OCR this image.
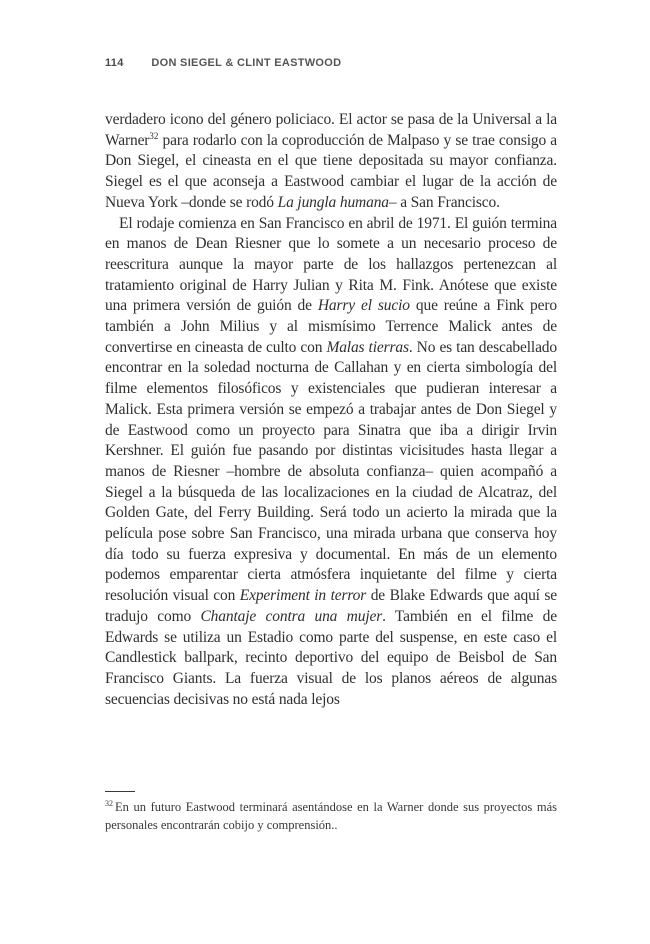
114	DON SIEGEL & CLINT EASTWOOD

verdadero icono del género policiaco. El actor se pasa de la Universal a la Warner$^{32}$ para rodarlo con la coproducción de Malpaso y se trae consigo a Don Siegel, el cineasta en el que tiene depositada su mayor confianza. Siegel es el que aconseja a Eastwood cambiar el lugar de la acción de Nueva York –donde se rodó La jungla humana– a San Francisco.

El rodaje comienza en San Francisco en abril de 1971. El guión termina en manos de Dean Riesner que lo somete a un necesario proceso de reescritura aunque la mayor parte de los hallazgos pertenezcan al tratamiento original de Harry Julian y Rita M. Fink. Anótese que existe una primera versión de guión de Harry el sucio que reúne a Fink pero también a John Milius y al mismísimo Terrence Malick antes de convertirse en cineasta de culto con Malas tierras. No es tan descabellado encontrar en la soledad nocturna de Callahan y en cierta simbología del filme elementos filosóficos y existenciales que pudieran interesar a Malick. Esta primera versión se empezó a trabajar antes de Don Siegel y de Eastwood como un proyecto para Sinatra que iba a dirigir Irvin Kershner. El guión fue pasando por distintas vicisitudes hasta llegar a manos de Riesner –hombre de absoluta confianza– quien acompañó a Siegel a la búsqueda de las localizaciones en la ciudad de Alcatraz, del Golden Gate, del Ferry Building. Será todo un acierto la mirada que la película pose sobre San Francisco, una mirada urbana que conserva hoy día todo su fuerza expresiva y documental. En más de un elemento podemos emparentar cierta atmósfera inquietante del filme y cierta resolución visual con Experiment in terror de Blake Edwards que aquí se tradujo como Chantaje contra una mujer. También en el filme de Edwards se utiliza un Estadio como parte del suspense, en este caso el Candlestick ballpark, recinto deportivo del equipo de Beisbol de San Francisco Giants. La fuerza visual de los planos aéreos de algunas secuencias decisivas no está nada lejos

$^{32}$ En un futuro Eastwood terminará asentándose en la Warner donde sus proyectos más personales encontrarán cobijo y comprensión..
